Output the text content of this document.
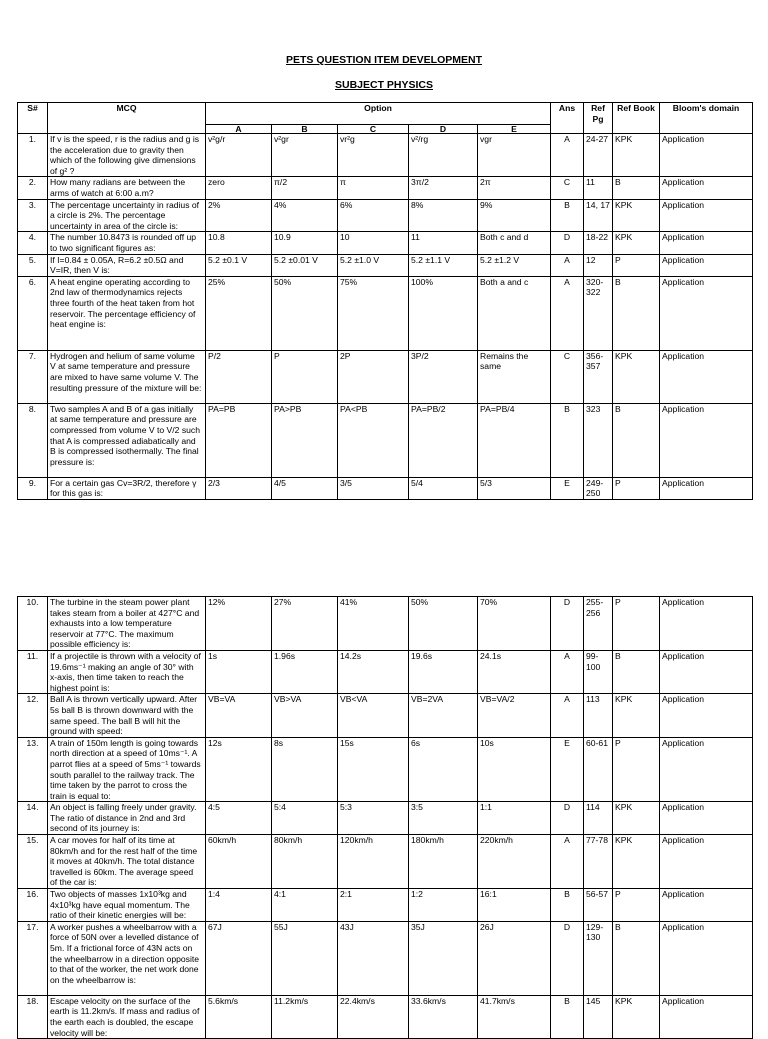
PETS QUESTION ITEM DEVELOPMENT
SUBJECT PHYSICS
S#	MCQ	Option					Ans	Ref Pg	Ref Book	Bloom's domain
		A	B	C	D	E				
1.	If v is the speed, r is the radius and g is the acceleration due to gravity then which of the following give dimensions of g² ?	v²g/r	v²gr	vr²g	v²/rg	vgr	A	24-27	KPK	Application
2.	How many radians are between the arms of watch at 6:00 a.m?	zero	π/2	π	3π/2	2π	C	11	B	Application
3.	The percentage uncertainty in radius of a circle is 2%. The percentage uncertainty in area of the circle is:	2%	4%	6%	8%	9%	B	14, 17	KPK	Application
4.	The number 10.8473 is rounded off up to two significant figures as:	10.8	10.9	10	11	Both c and d	D	18-22	KPK	Application
5.	If I=0.84 ± 0.05A, R=6.2 ±0.5Ω and V=IR, then V is:	5.2 ±0.1 V	5.2 ±0.01 V	5.2 ±1.0 V	5.2 ±1.1 V	5.2 ±1.2 V	A	12	P	Application
6.	A heat engine operating according to 2nd law of thermodynamics rejects three fourth of the heat taken from hot reservoir. The percentage efficiency of heat engine is:	25%	50%	75%	100%	Both a and c	A	320-322	B	Application
7.	Hydrogen and helium of same volume V at same temperature and pressure are mixed to have same volume V. The resulting pressure of the mixture will be:	P/2	P	2P	3P/2	Remains the same	C	356-357	KPK	Application
8.	Two samples A and B of a gas initially at same temperature and pressure are compressed from volume V to V/2 such that A is compressed adiabatically and B is compressed isothermally. The final pressure is:	PA=PB	PA>PB	PA<PB	PA=PB/2	PA=PB/4	B	323	B	Application
9.	For a certain gas Cv=3R/2, therefore γ for this gas is:	2/3	4/5	3/5	5/4	5/3	E	249-250	P	Application
10.	The turbine in the steam power plant takes steam from a boiler at 427°C and exhausts into a low temperature reservoir at 77°C. The maximum possible efficiency is:	12%	27%	41%	50%	70%	D	255-256	P	Application
11.	If a projectile is thrown with a velocity of 19.6ms⁻¹ making an angle of 30° with x-axis, then time taken to reach the highest point is:	1s	1.96s	14.2s	19.6s	24.1s	A	99-100	B	Application
12.	Ball A is thrown vertically upward. After 5s ball B is thrown downward with the same speed. The ball B will hit the ground with speed:	VB=VA	VB>VA	VB<VA	VB=2VA	VB=VA/2	A	113	KPK	Application
13.	A train of 150m length is going towards north direction at a speed of 10ms⁻¹. A parrot flies at a speed of 5ms⁻¹ towards south parallel to the railway track. The time taken by the parrot to cross the train is equal to:	12s	8s	15s	6s	10s	E	60-61	P	Application
14.	An object is falling freely under gravity. The ratio of distance in 2nd and 3rd second of its journey is:	4:5	5:4	5:3	3:5	1:1	D	114	KPK	Application
15.	A car moves for half of its time at 80km/h and for the rest half of the time it moves at 40km/h. The total distance travelled is 60km. The average speed of the car is:	60km/h	80km/h	120km/h	180km/h	220km/h	A	77-78	KPK	Application
16.	Two objects of masses 1x10³kg and 4x10³kg have equal momentum. The ratio of their kinetic energies will be:	1:4	4:1	2:1	1:2	16:1	B	56-57	P	Application
17.	A worker pushes a wheelbarrow with a force of 50N over a levelled distance of 5m. If a frictional force of 43N acts on the wheelbarrow in a direction opposite to that of the worker, the net work done on the wheelbarrow is:	67J	55J	43J	35J	26J	D	129-130	B	Application
18.	Escape velocity on the surface of the earth is 11.2km/s. If mass and radius of the earth each is doubled, the escape velocity will be:	5.6km/s	11.2km/s	22.4km/s	33.6km/s	41.7km/s	B	145	KPK	Application
